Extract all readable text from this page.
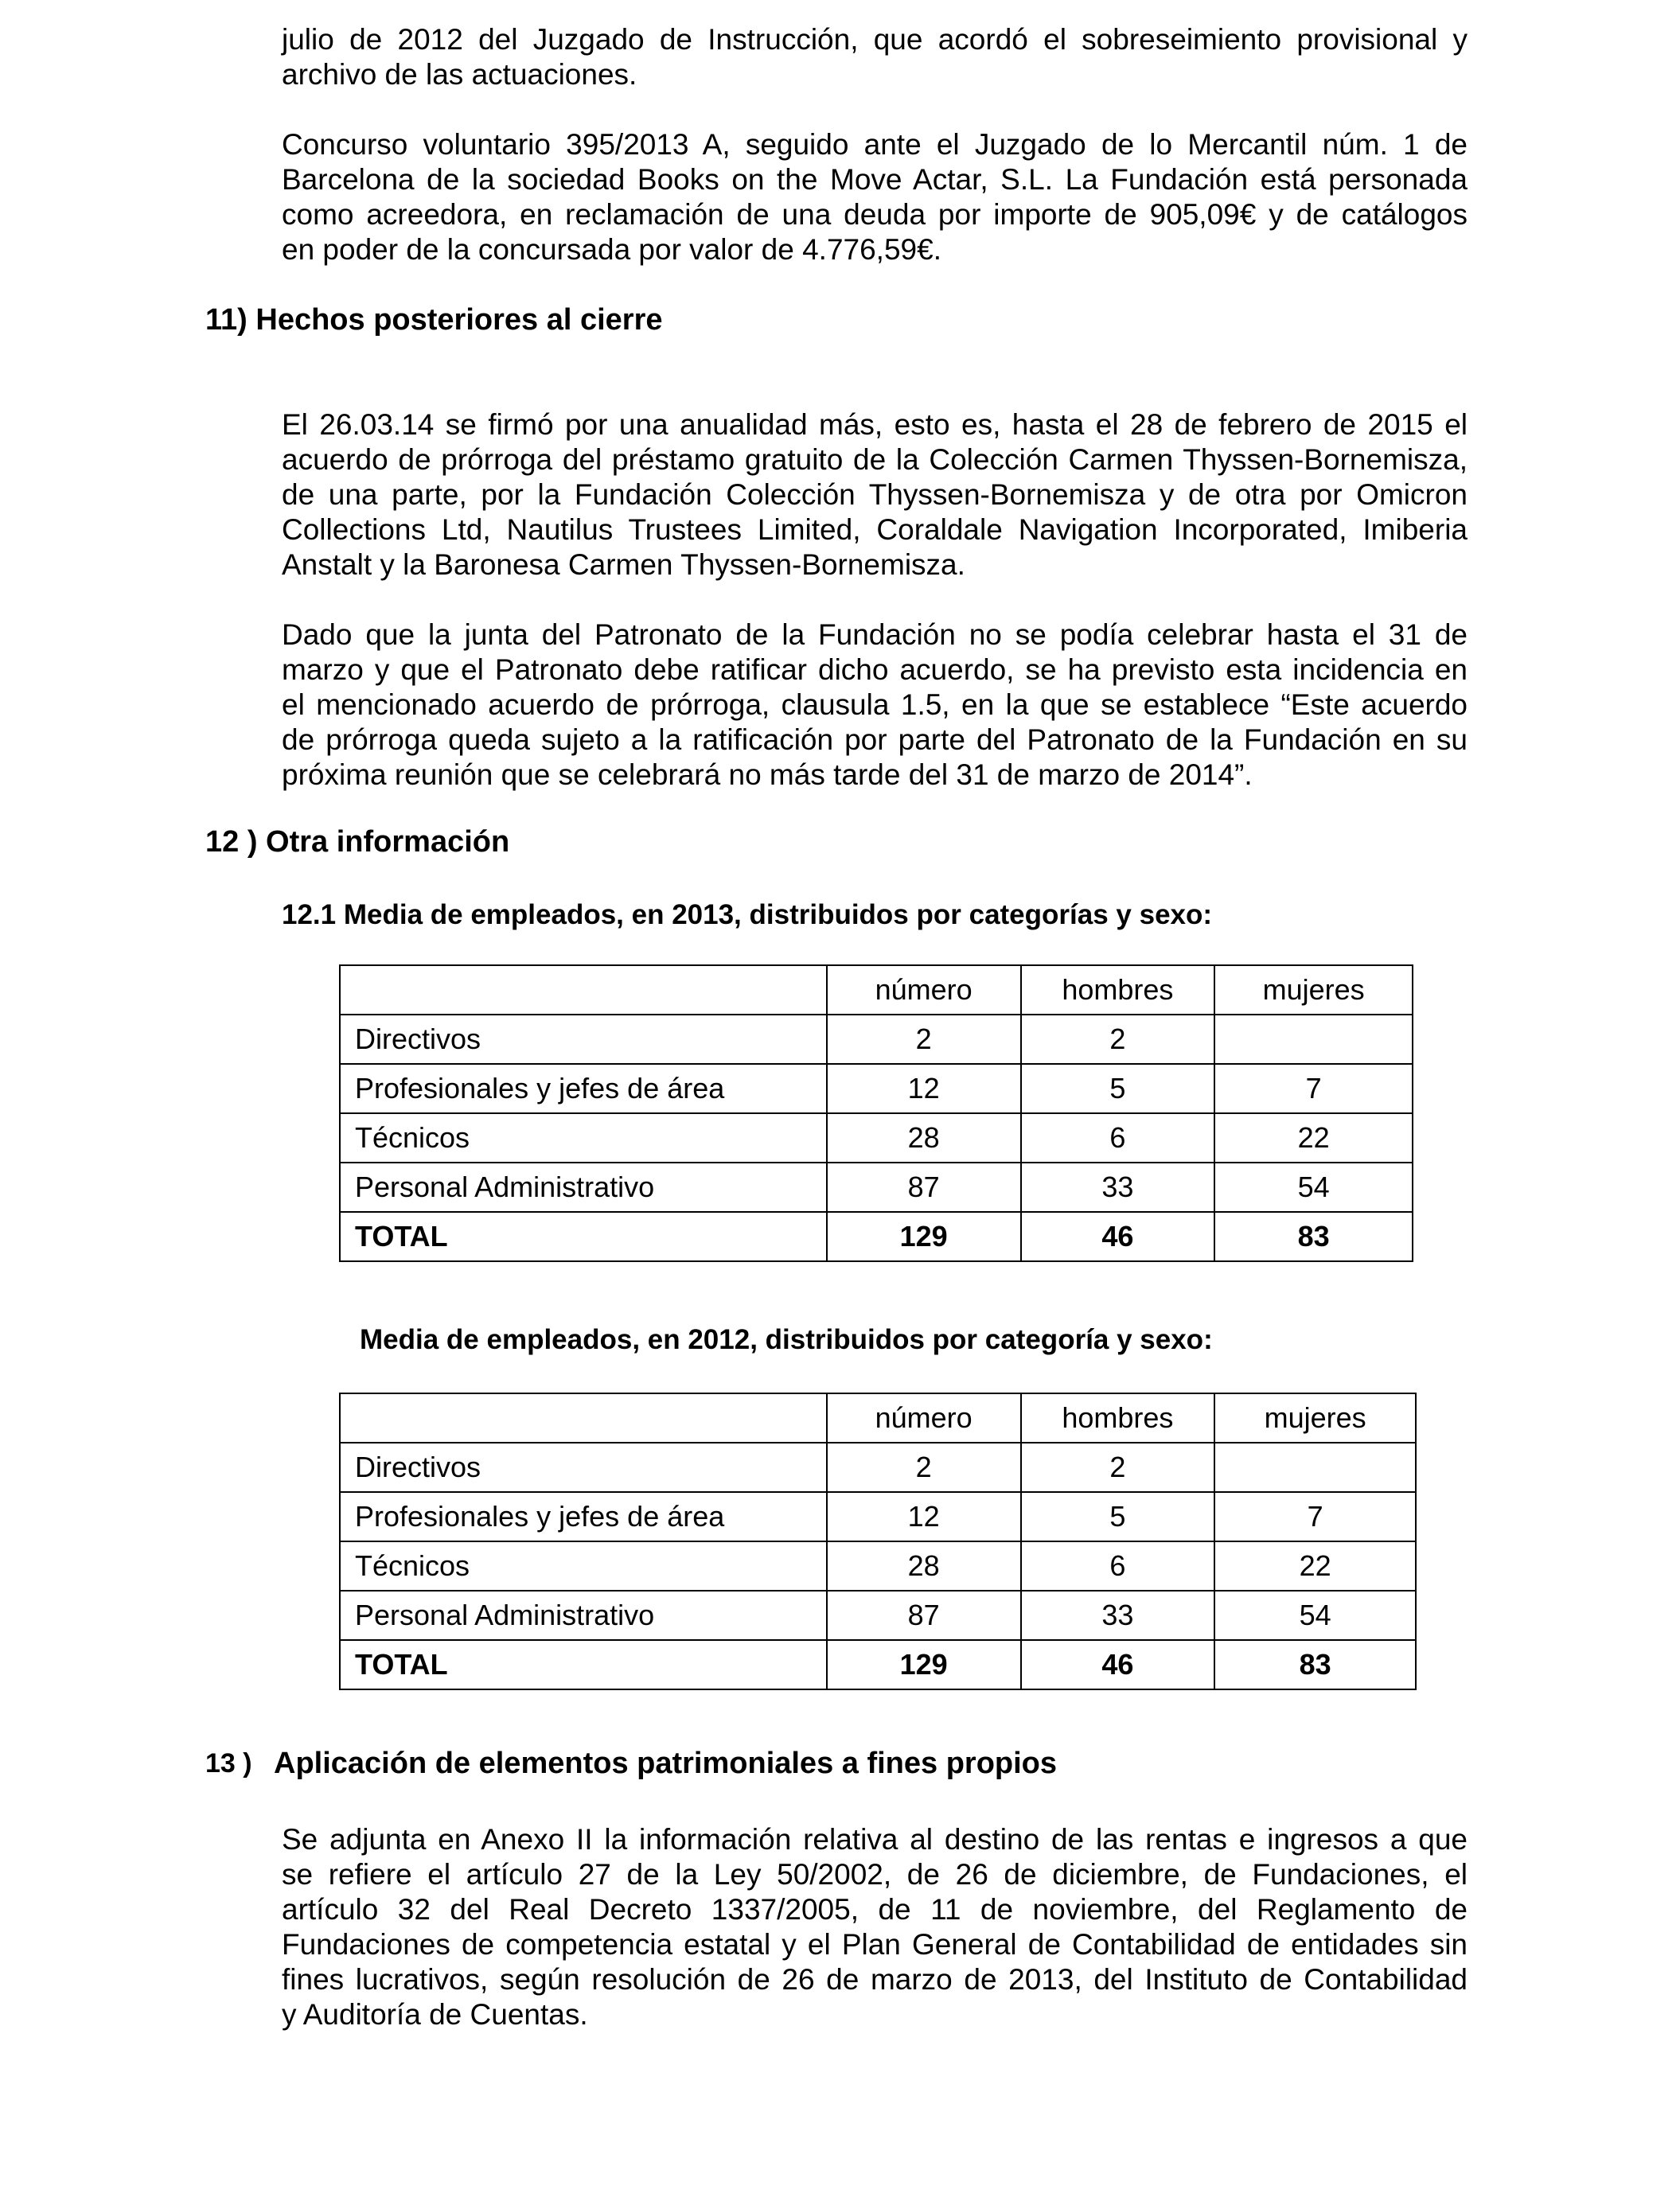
julio de 2012 del Juzgado de Instrucción, que acordó el sobreseimiento provisional y
archivo de las actuaciones.
Concurso voluntario 395/2013 A, seguido ante el Juzgado de lo Mercantil núm. 1 de
Barcelona de la sociedad Books on the Move Actar, S.L. La Fundación está personada
como acreedora, en reclamación de una deuda por importe de 905,09€ y de catálogos
en poder de la concursada por valor de 4.776,59€.
11) Hechos posteriores al cierre
El 26.03.14 se firmó por una anualidad más, esto es, hasta el 28 de febrero de 2015 el
acuerdo de prórroga del préstamo gratuito de la Colección Carmen Thyssen-Bornemisza,
de una parte, por la Fundación Colección Thyssen-Bornemisza y de otra por Omicron
Collections Ltd, Nautilus Trustees Limited, Coraldale Navigation Incorporated, Imiberia
Anstalt y la Baronesa Carmen Thyssen-Bornemisza.
Dado que la junta del Patronato de la Fundación no se podía celebrar hasta el 31 de
marzo y que el Patronato debe ratificar dicho acuerdo, se ha previsto esta incidencia en
el mencionado acuerdo de prórroga, clausula 1.5, en la que se establece “Este acuerdo
de prórroga queda sujeto a la ratificación por parte del Patronato de la Fundación en su
próxima reunión que se celebrará no más tarde del 31 de marzo de 2014”.
12 ) Otra información
12.1 Media de empleados, en 2013, distribuidos por categorías y sexo:
	número	hombres	mujeres
Directivos	2	2	
Profesionales y jefes de área	12	5	7
Técnicos	28	6	22
Personal Administrativo	87	33	54
TOTAL	129	46	83
Media de empleados, en 2012, distribuidos por categoría y sexo:
	número	hombres	mujeres
Directivos	2	2	
Profesionales y jefes de área	12	5	7
Técnicos	28	6	22
Personal Administrativo	87	33	54
TOTAL	129	46	83
13 ) Aplicación de elementos patrimoniales a fines propios
Se adjunta en Anexo II la información relativa al destino de las rentas e ingresos a que
se refiere el artículo 27 de la Ley 50/2002, de 26 de diciembre, de Fundaciones, el
artículo 32 del Real Decreto 1337/2005, de 11 de noviembre, del Reglamento de
Fundaciones de competencia estatal y el Plan General de Contabilidad de entidades sin
fines lucrativos, según resolución de 26 de marzo de 2013, del Instituto de Contabilidad
y Auditoría de Cuentas.
